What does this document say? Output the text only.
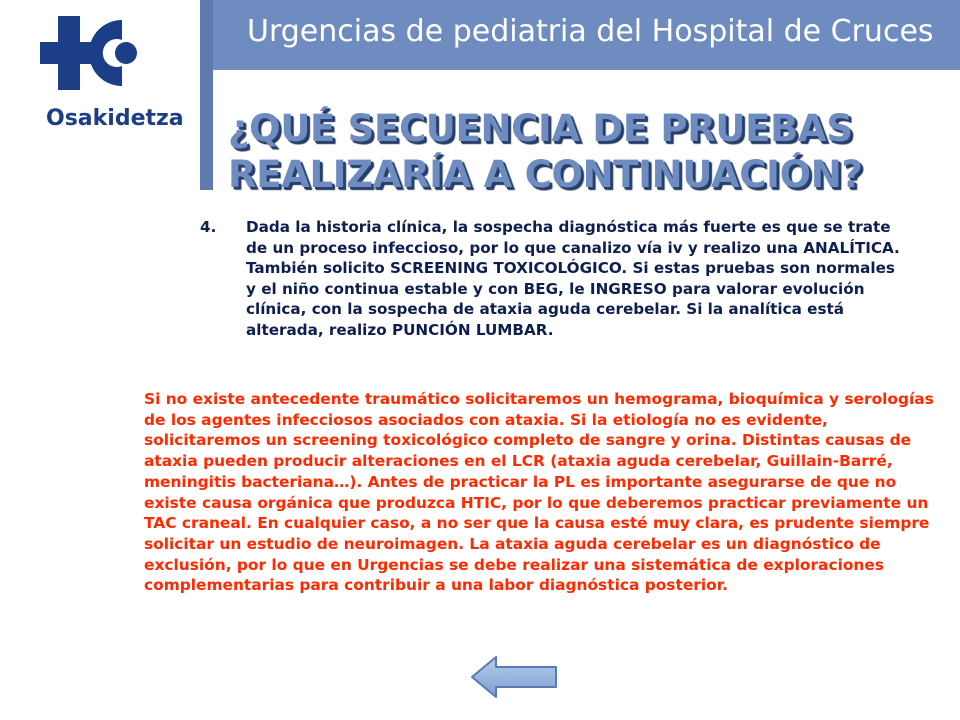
Osakidetza
Urgencias de pediatria del Hospital de Cruces
¿QUÉ SECUENCIA DE PRUEBAS
REALIZARÍA A CONTINUACIÓN?
4.	Dada la historia clínica, la sospecha diagnóstica más fuerte es que se trate de un proceso infeccioso, por lo que canalizo vía iv y realizo una ANALÍTICA. También solicito SCREENING TOXICOLÓGICO. Si estas pruebas son normales y el niño continua estable y con BEG, le INGRESO para valorar evolución clínica, con la sospecha de ataxia aguda cerebelar. Si la analítica está alterada, realizo PUNCIÓN LUMBAR.
Si no existe antecedente traumático solicitaremos un hemograma, bioquímica y serologías de los agentes infecciosos asociados con ataxia. Si la etiología no es evidente, solicitaremos un screening toxicológico completo de sangre y orina. Distintas causas de ataxia pueden producir alteraciones en el LCR (ataxia aguda cerebelar, Guillain-Barré, meningitis bacteriana…). Antes de practicar la PL es importante asegurarse de que no existe causa orgánica que produzca HTIC, por lo que deberemos practicar previamente un TAC craneal. En cualquier caso, a no ser que la causa esté muy clara, es prudente siempre solicitar un estudio de neuroimagen. La ataxia aguda cerebelar es un diagnóstico de exclusión, por lo que en Urgencias se debe realizar una sistemática de exploraciones complementarias para contribuir a una labor diagnóstica posterior.
